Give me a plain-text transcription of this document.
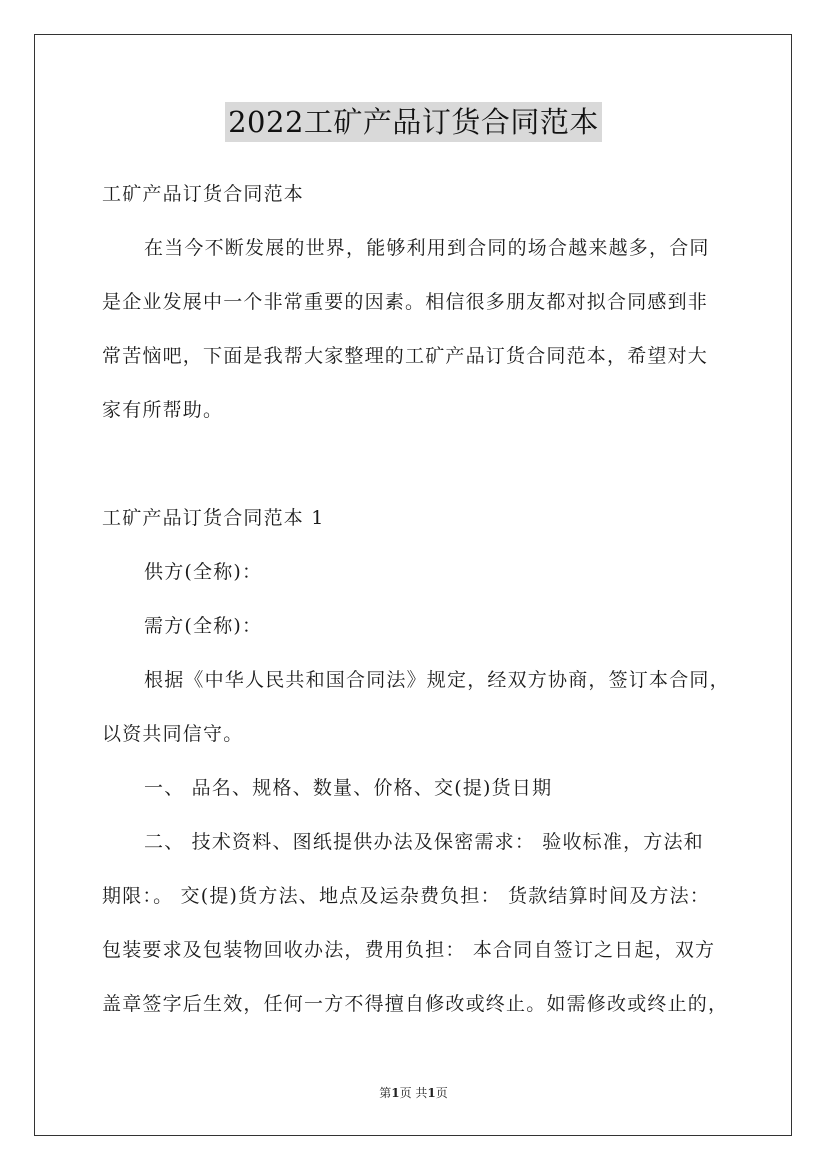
2022工矿产品订货合同范本
工矿产品订货合同范本
在当今不断发展的世界，能够利用到合同的场合越来越多，合同
是企业发展中一个非常重要的因素。相信很多朋友都对拟合同感到非
常苦恼吧，下面是我帮大家整理的工矿产品订货合同范本，希望对大
家有所帮助。
工矿产品订货合同范本 1
供方(全称)：
需方(全称)：
根据《中华人民共和国合同法》规定，经双方协商，签订本合同，
以资共同信守。
一、 品名、规格、数量、价格、交(提)货日期
二、 技术资料、图纸提供办法及保密需求： 验收标准，方法和
期限：。 交(提)货方法、地点及运杂费负担： 货款结算时间及方法：
包装要求及包装物回收办法，费用负担： 本合同自签订之日起，双方
盖章签字后生效，任何一方不得擅自修改或终止。如需修改或终止的，
第1页 共1页
